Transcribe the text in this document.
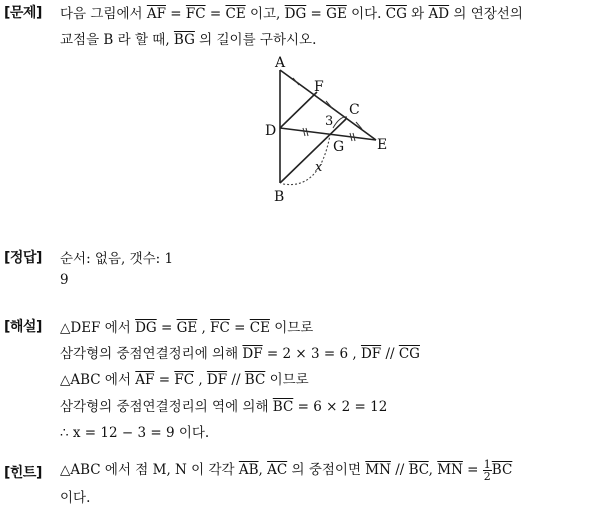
[문제] 다음 그림에서 $\overline{AF} = \overline{FC} = \overline{CE}$ 이고, $\overline{DG} = \overline{GE}$ 이다. $\overline{CG}$ 와 $\overline{AD}$ 의 연장선의
교점을 B 라 할 때, $\overline{BG}$ 의 길이를 구하시오.
A
F
C
D
E
G
B
3
x
[정답] 순서: 없음, 갯수: 1
9
[해설] △DEF 에서 $\overline{DG} = \overline{GE}$ , $\overline{FC} = \overline{CE}$ 이므로
삼각형의 중점연결정리에 의해 $\overline{DF} = 2 \times 3 = 6$ , $\overline{DF} // \overline{CG}$
△ABC 에서 $\overline{AF} = \overline{FC}$ , $\overline{DF} // \overline{BC}$ 이므로
삼각형의 중점연결정리의 역에 의해 $\overline{BC} = 6 \times 2 = 12$
∴ x = 12 − 3 = 9 이다.
[힌트] △ABC 에서 점 M, N 이 각각 $\overline{AB}$, $\overline{AC}$ 의 중점이면 $\overline{MN} // \overline{BC}$, $\overline{MN} = \frac{1}{2} \overline{BC}$
이다.
